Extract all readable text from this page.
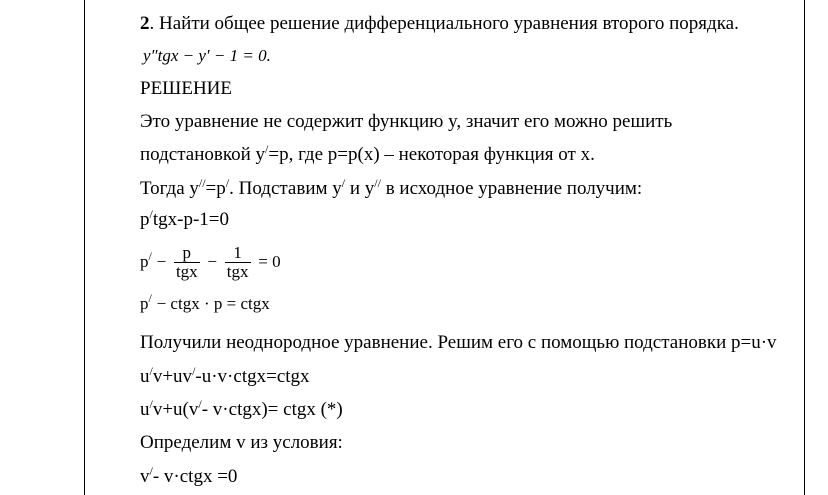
2. Найти общее решение дифференциального уравнения второго порядка.
y″tgx − y′ − 1 = 0.
РЕШЕНИЕ
Это уравнение не содержит функцию y, значит его можно решить
подстановкой y/=p, где p=p(x) – некоторая функция от x.
Тогда y//=p/. Подставим y/ и y// в исходное уравнение получим:
p/tgx-p-1=0
$p^/ - \frac{p}{\text{tgx}} - \frac{1}{\text{tgx}} = 0$
p/ − ctgx · p = ctgx
Получили неоднородное уравнение. Решим его с помощью подстановки p=u·v
u/v+uv/-u·v·ctgx=ctgx
u/v+u(v/- v·ctgx)= ctgx (*)
Определим v из условия:
v/- v·ctgx =0
